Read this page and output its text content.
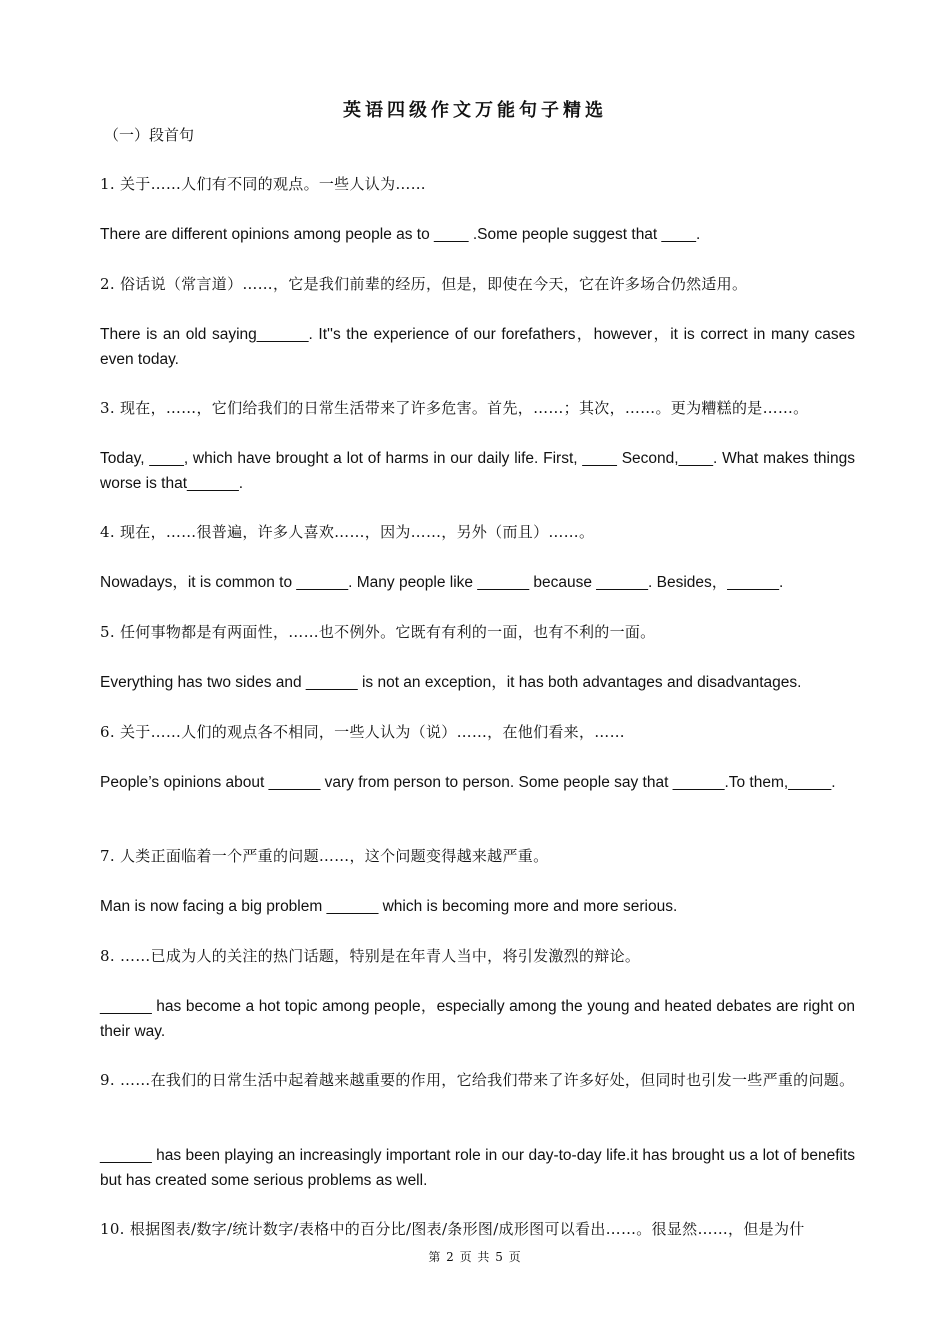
英语四级作文万能句子精选
（一）段首句

1. 关于……人们有不同的观点。一些人认为……

There are different opinions among people as to ____ .Some people suggest that ____.

2. 俗话说（常言道）……，它是我们前辈的经历，但是，即使在今天，它在许多场合仍然适用。

There is an old saying______. It''s the experience of our forefathers，however，it is correct in many cases even today.

3. 现在，……，它们给我们的日常生活带来了许多危害。首先，……；其次，……。更为糟糕的是……。

Today, ____, which have brought a lot of harms in our daily life. First, ____ Second,____. What makes things worse is that______.

4. 现在，……很普遍，许多人喜欢……，因为……，另外（而且）……。

Nowadays，it is common to ______. Many people like ______ because ______. Besides，______.

5. 任何事物都是有两面性，……也不例外。它既有有利的一面，也有不利的一面。

Everything has two sides and ______ is not an exception，it has both advantages and disadvantages.

6. 关于……人们的观点各不相同，一些人认为（说）……，在他们看来，……

People’s opinions about ______ vary from person to person. Some people say that ______.To them,_____.

7. 人类正面临着一个严重的问题……，这个问题变得越来越严重。

Man is now facing a big problem ______ which is becoming more and more serious.

8. ……已成为人的关注的热门话题，特别是在年青人当中，将引发激烈的辩论。

______ has become a hot topic among people，especially among the young and heated debates are right on their way.

9. ……在我们的日常生活中起着越来越重要的作用，它给我们带来了许多好处，但同时也引发一些严重的问题。

______ has been playing an increasingly important role in our day-to-day life.it has brought us a lot of benefits but has created some serious problems as well.

10. 根据图表/数字/统计数字/表格中的百分比/图表/条形图/成形图可以看出……。很显然……，但是为什

第 2 页 共 5 页
